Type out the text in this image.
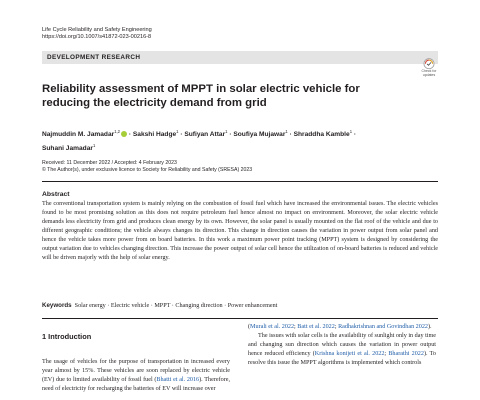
Life Cycle Reliability and Safety Engineering
https://doi.org/10.1007/s41872-023-00216-8
DEVELOPMENT RESEARCH
Check for updates
Reliability assessment of MPPT in solar electric vehicle for reducing the electricity demand from grid
Najmuddin M. Jamadar$^{1,2}$ · Sakshi Hadge$^1$ · Sufiyan Attar$^1$ · Soufiya Mujawar$^1$ · Shraddha Kamble$^1$ ·
Suhani Jamadar$^1$
Received: 11 December 2022 / Accepted: 4 February 2023
© The Author(s), under exclusive licence to Society for Reliability and Safety (SRESA) 2023
Abstract

The conventional transportation system is mainly relying on the combustion of fossil fuel which have increased the environmental issues. The electric vehicles found to be most promising solution as this does not require petroleum fuel hence almost no impact on environment. Moreover, the solar electric vehicle demands less electricity from grid and produces clean energy by its own. However, the solar panel is usually mounted on the flat roof of the vehicle and due to different geographic conditions; the vehicle always changes its direction. This change in direction causes the variation in power output from solar panel and hence the vehicle takes more power from on board batteries. In this work a maximum power point tracking (MPPT) system is designed by considering the output variation due to vehicles changing direction. This increase the power output of solar cell hence the utilization of on-board batteries is reduced and vehicle will be driven majorly with the help of solar energy.

Keywords Solar energy · Electric vehicle · MPPT · Changing direction · Power enhancement
1 Introduction

The usage of vehicles for the purpose of transportation in increased every year almost by 15%. These vehicles are soon replaced by electric vehicle (EV) due to limited availability of fossil fuel (Bhatti et al. 2016). Therefore, need of electricity for recharging the batteries of EV will increase over

(Murali et al. 2022; Batt et al. 2022; Radhakrishnan and Govindhan 2022).

The issues with solar cells is the availability of sunlight only in day time and changing sun direction which causes the variation in power output hence reduced efficiency (Krishna konijeti et al. 2022; Bharathi 2022). To resolve this issue the MPPT algorithms is implemented which controls
